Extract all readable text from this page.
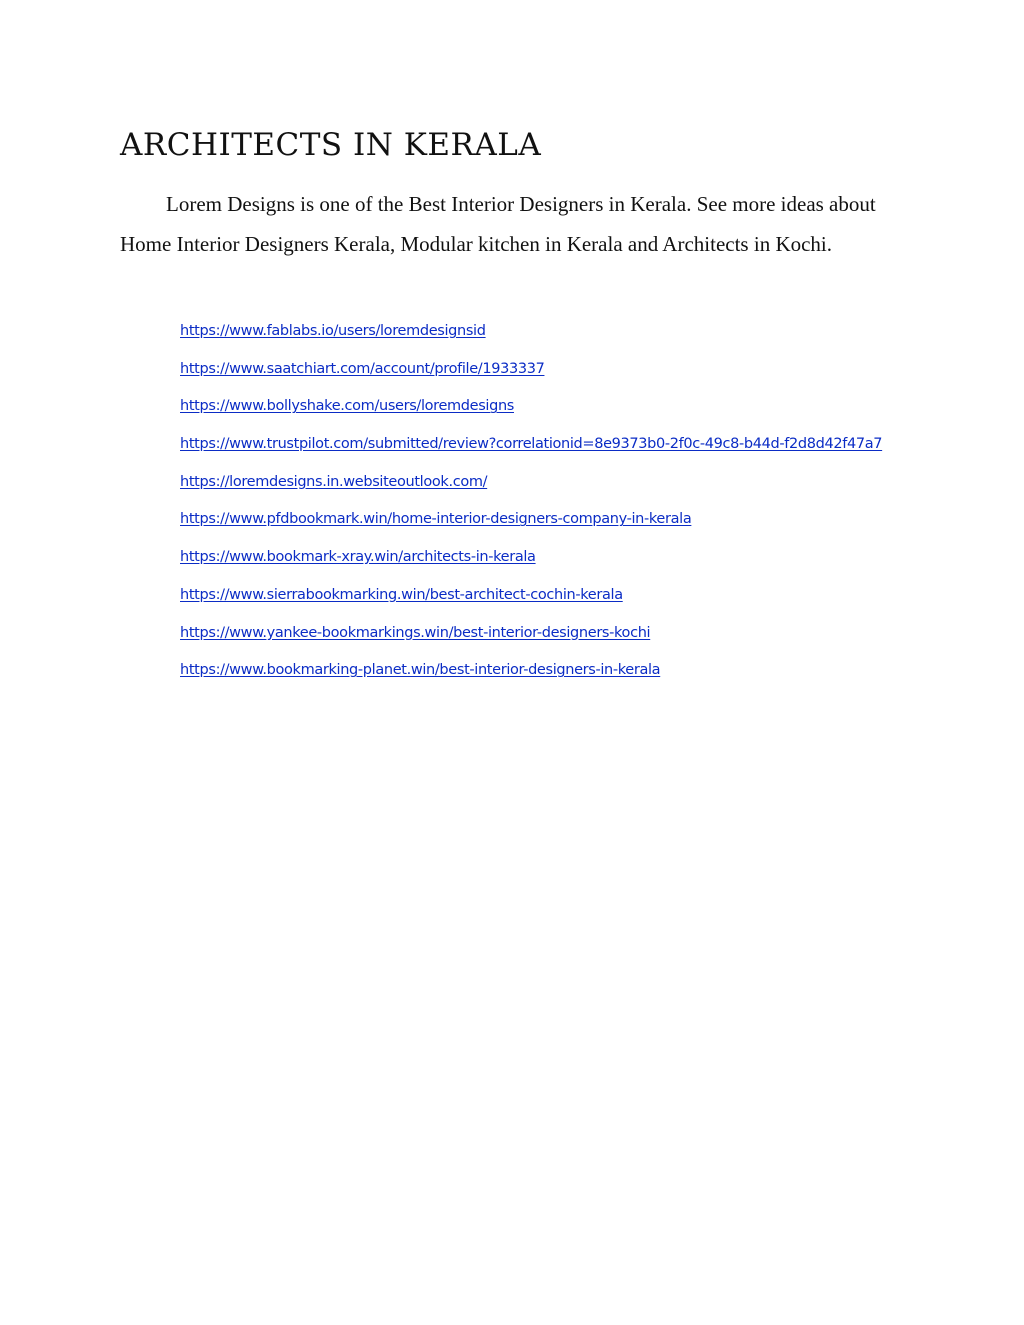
ARCHITECTS IN KERALA

Lorem Designs is one of the Best Interior Designers in Kerala. See more ideas about Home Interior Designers Kerala, Modular kitchen in Kerala and Architects in Kochi.

https://www.fablabs.io/users/loremdesignsid
https://www.saatchiart.com/account/profile/1933337
https://www.bollyshake.com/users/loremdesigns
https://www.trustpilot.com/submitted/review?correlationid=8e9373b0-2f0c-49c8-b44d-f2d8d42f47a7
https://loremdesigns.in.websiteoutlook.com/
https://www.pfdbookmark.win/home-interior-designers-company-in-kerala
https://www.bookmark-xray.win/architects-in-kerala
https://www.sierrabookmarking.win/best-architect-cochin-kerala
https://www.yankee-bookmarkings.win/best-interior-designers-kochi
https://www.bookmarking-planet.win/best-interior-designers-in-kerala
